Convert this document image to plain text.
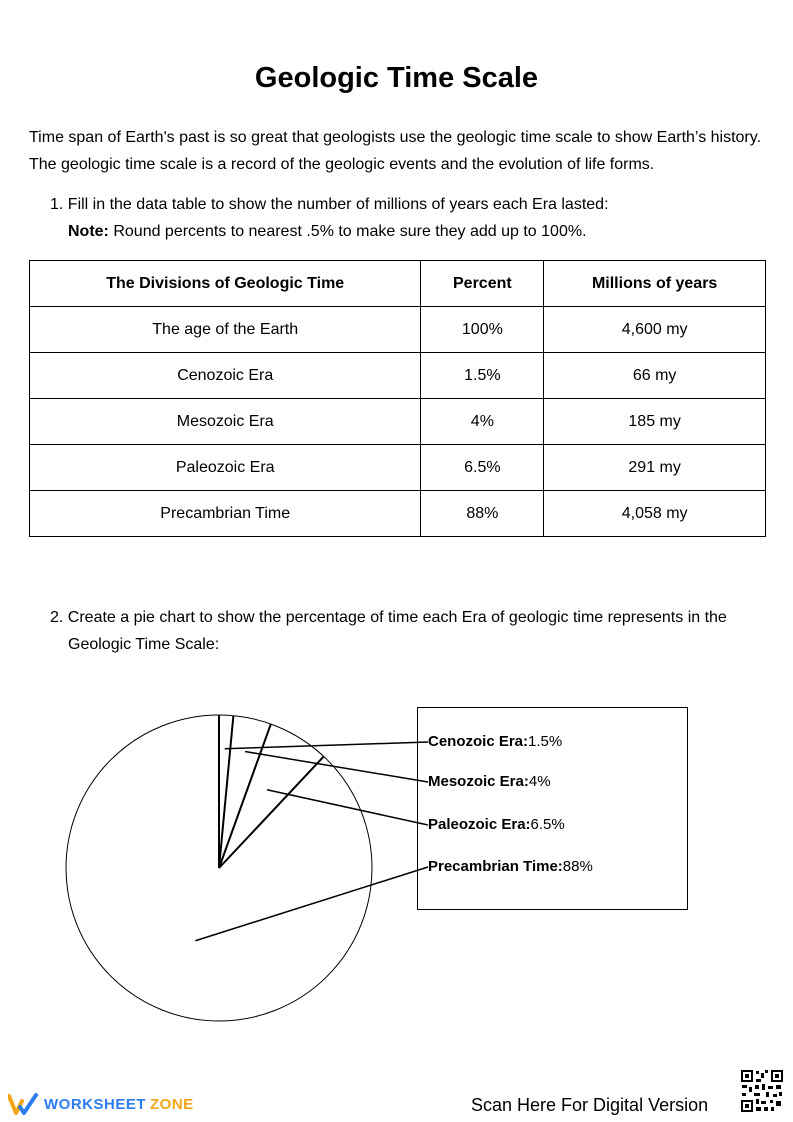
Geologic Time Scale
Time span of Earth's past is so great that geologists use the geologic time scale to show Earth’s history. The geologic time scale is a record of the geologic events and the evolution of life forms.
1. Fill in the data table to show the number of millions of years each Era lasted:
Note: Round percents to nearest .5% to make sure they add up to 100%.
The Divisions of Geologic Time	Percent	Millions of years
The age of the Earth	100%	4,600 my
Cenozoic Era	1.5%	66 my
Mesozoic Era	4%	185 my
Paleozoic Era	6.5%	291 my
Precambrian Time	88%	4,058 my
2. Create a pie chart to show the percentage of time each Era of geologic time represents in the
Geologic Time Scale:
Cenozoic Era:1.5%
Mesozoic Era:4%
Paleozoic Era:6.5%
Precambrian Time:88%
WORKSHEET ZONE	Scan Here For Digital Version
